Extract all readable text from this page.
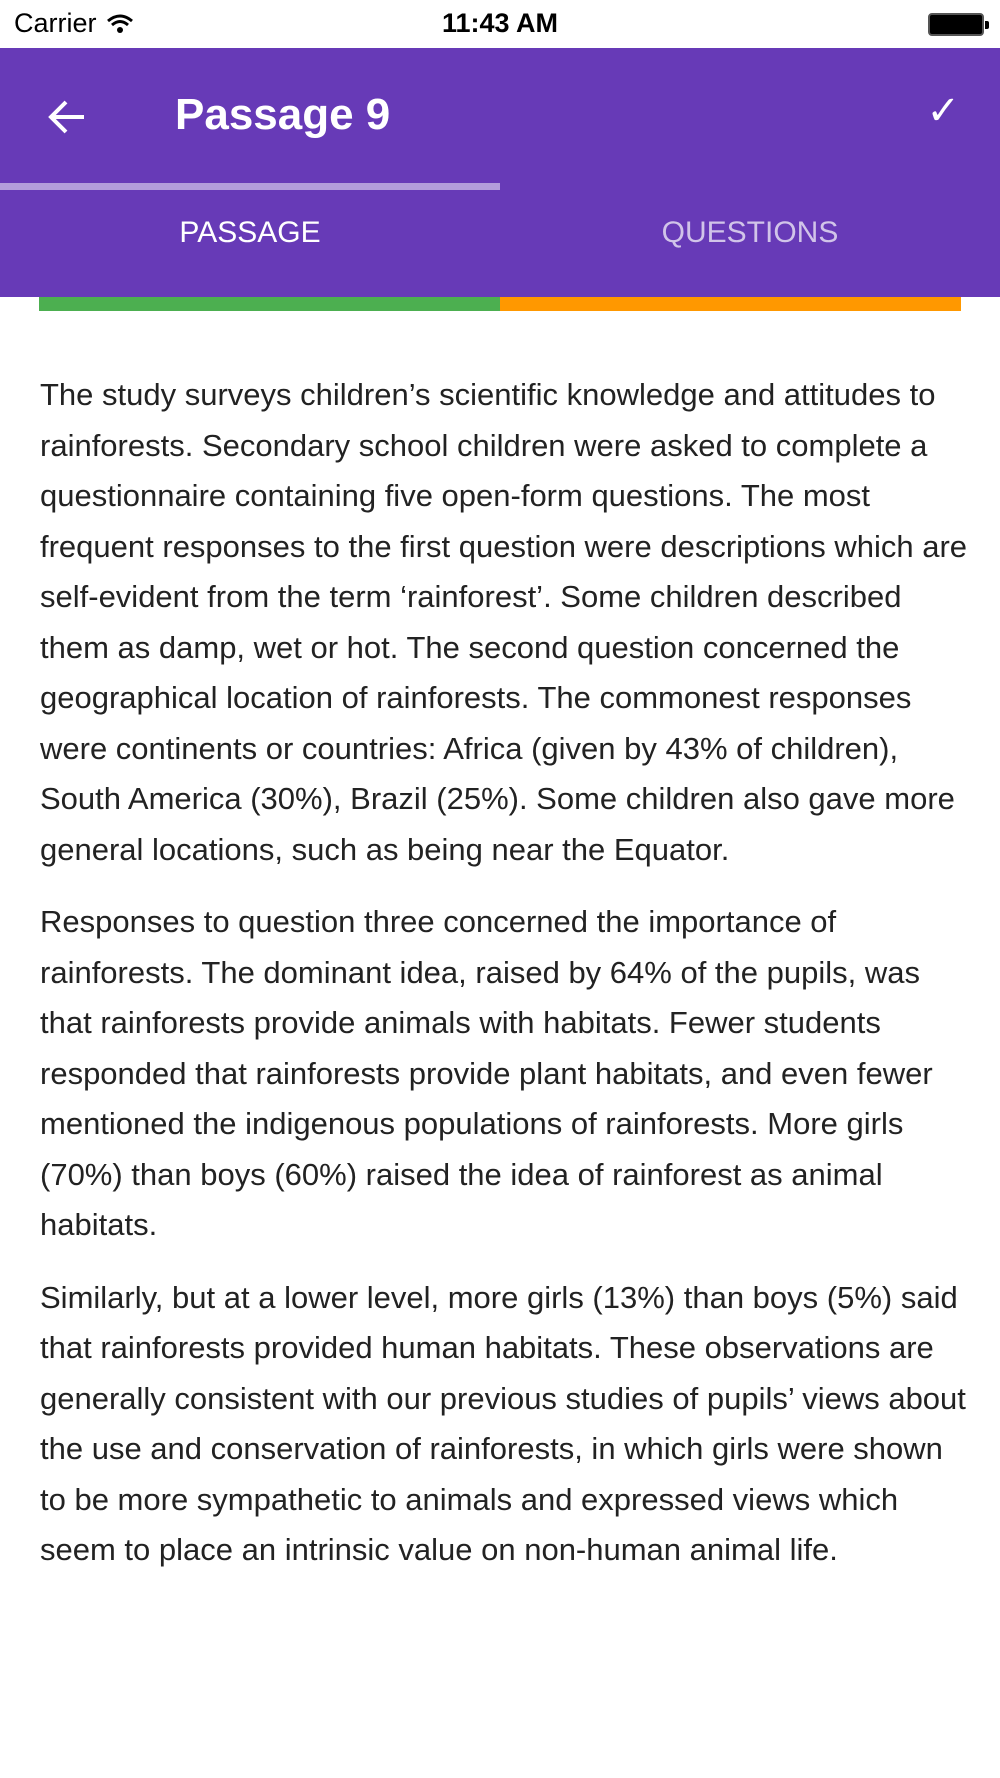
Carrier	11:43 AM
Passage 9	✓
PASSAGE	QUESTIONS

The study surveys children’s scientific knowledge and attitudes to rainforests. Secondary school children were asked to complete a questionnaire containing five open-form questions. The most frequent responses to the first question were descriptions which are self-evident from the term ‘rainforest’. Some children described them as damp, wet or hot. The second question concerned the geographical location of rainforests. The commonest responses were continents or countries: Africa (given by 43% of children), South America (30%), Brazil (25%). Some children also gave more general locations, such as being near the Equator.

Responses to question three concerned the importance of rainforests. The dominant idea, raised by 64% of the pupils, was that rainforests provide animals with habitats. Fewer students responded that rainforests provide plant habitats, and even fewer mentioned the indigenous populations of rainforests. More girls (70%) than boys (60%) raised the idea of rainforest as animal habitats.

Similarly, but at a lower level, more girls (13%) than boys (5%) said that rainforests provided human habitats. These observations are generally consistent with our previous studies of pupils’ views about the use and conservation of rainforests, in which girls were shown to be more sympathetic to animals and expressed views which seem to place an intrinsic value on non-human animal life.
